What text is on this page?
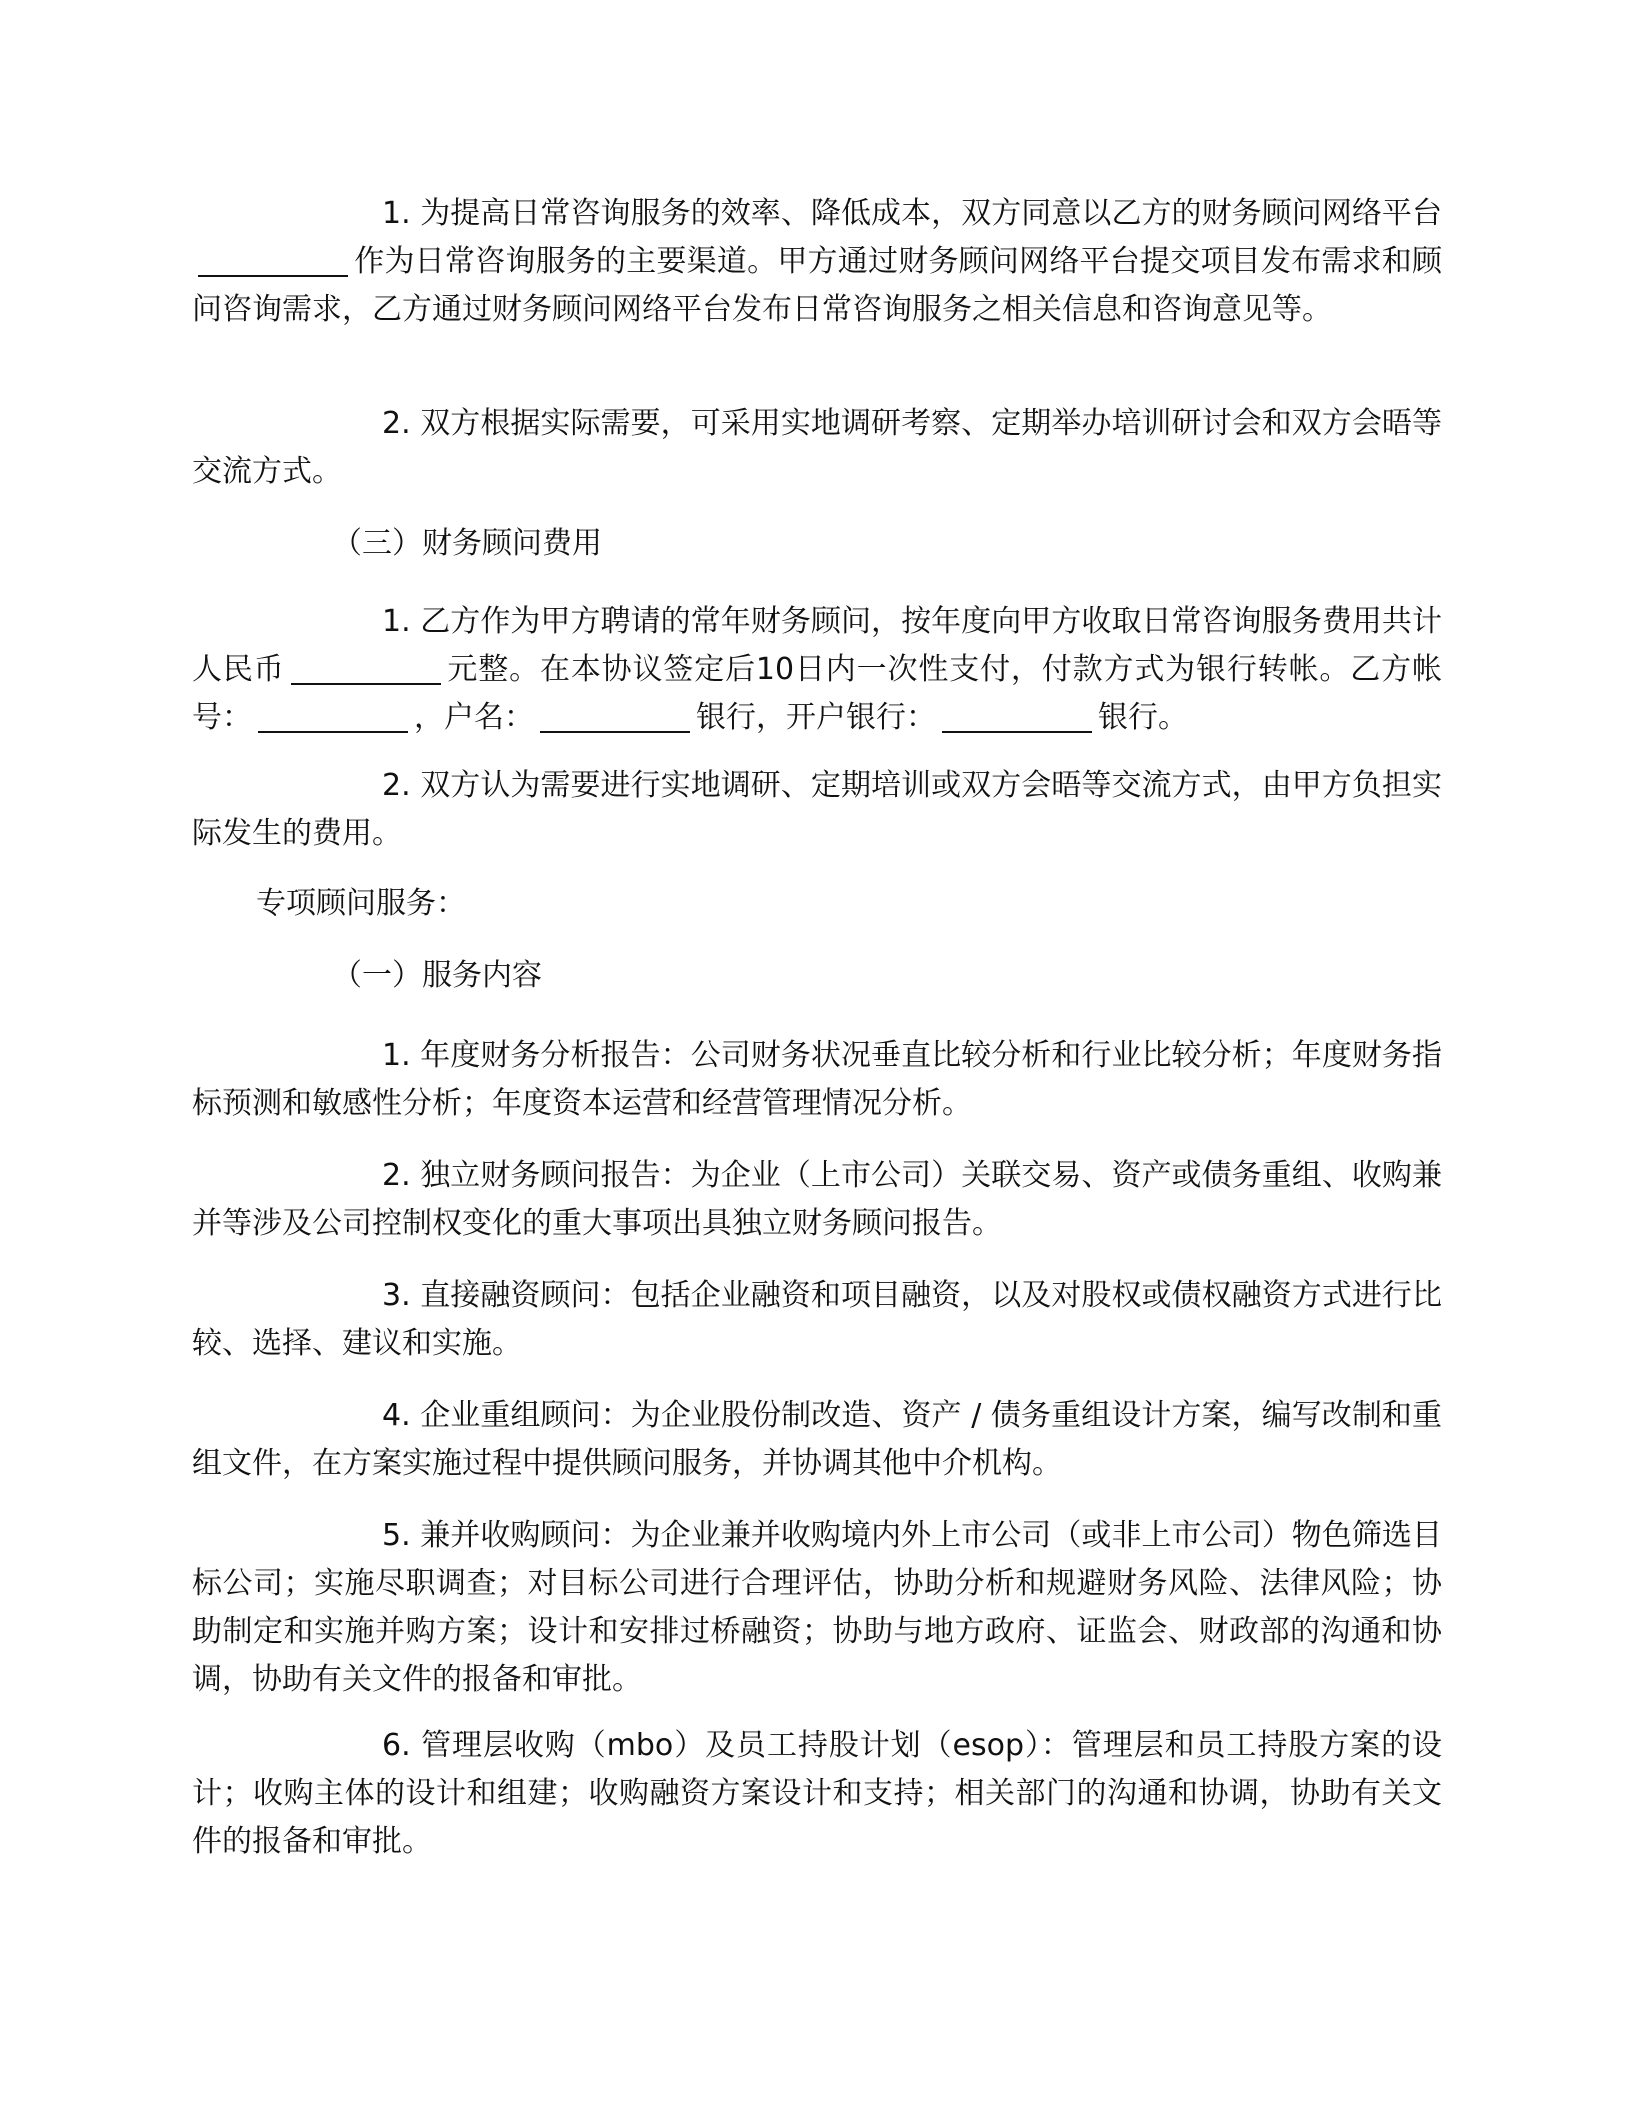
1. 为提高日常咨询服务的效率、降低成本，双方同意以乙方的财务顾问网络平台作为日常咨询服务的主要渠道。甲方通过财务顾问网络平台提交项目发布需求和顾问咨询需求，乙方通过财务顾问网络平台发布日常咨询服务之相关信息和咨询意见等。

2. 双方根据实际需要，可采用实地调研考察、定期举办培训研讨会和双方会晤等交流方式。

（三）财务顾问费用

1. 乙方作为甲方聘请的常年财务顾问，按年度向甲方收取日常咨询服务费用共计人民币	元整。在本协议签定后10日内一次性支付，付款方式为银行转帐。乙方帐号：	，户名：	银行，开户银行：	银行。

2. 双方认为需要进行实地调研、定期培训或双方会晤等交流方式，由甲方负担实际发生的费用。

专项顾问服务：
（一）服务内容

1. 年度财务分析报告：公司财务状况垂直比较分析和行业比较分析；年度财务指标预测和敏感性分析；年度资本运营和经营管理情况分析。

2. 独立财务顾问报告：为企业（上市公司）关联交易、资产或债务重组、收购兼并等涉及公司控制权变化的重大事项出具独立财务顾问报告。

3. 直接融资顾问：包括企业融资和项目融资，以及对股权或债权融资方式进行比较、选择、建议和实施。

4. 企业重组顾问：为企业股份制改造、资产 / 债务重组设计方案，编写改制和重组文件，在方案实施过程中提供顾问服务，并协调其他中介机构。

5. 兼并收购顾问：为企业兼并收购境内外上市公司（或非上市公司）物色筛选目标公司；实施尽职调查；对目标公司进行合理评估，协助分析和规避财务风险、法律风险；协助制定和实施并购方案；设计和安排过桥融资；协助与地方政府、证监会、财政部的沟通和协调，协助有关文件的报备和审批。

6. 管理层收购（mbo）及员工持股计划（esop）：管理层和员工持股方案的设计；收购主体的设计和组建；收购融资方案设计和支持；相关部门的沟通和协调，协助有关文件的报备和审批。
